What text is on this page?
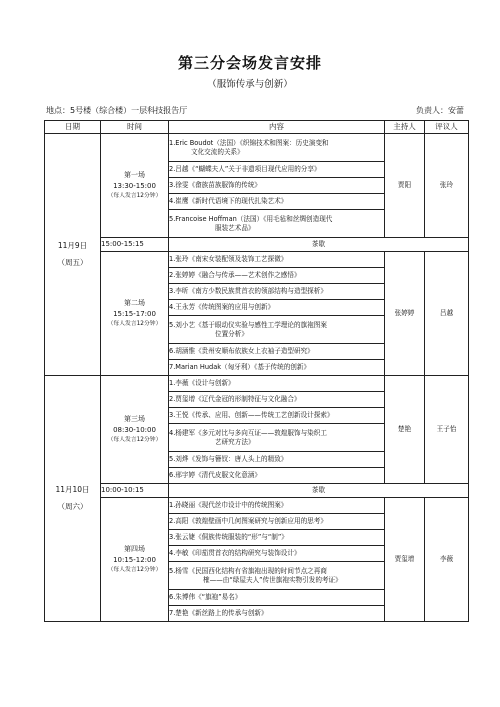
第三分会场发言安排
（服饰传承与创新）
地点：5号楼（综合楼）一层科技报告厅	负责人：安蕾
日期	时间	内容	主持人	评议人

11月9日
（周五）	第一场
13:30-15:00
（每人发言12分钟）	1.Eric Boudot（法国）《织锦技术和图案：历史演变和
文化交流的关系》	贾阳	张玲

		2.吕越《“蝴蝶夫人”关于非遗项目现代应用的分享》		

		3.徐雯《畲族苗族服饰的传统》		

		4.崔鹰《新时代语境下的现代扎染艺术》		

		5.Francoise Hoffman（法国）《用毛毡和丝绸创造现代
服装艺术品》		

	15:00-15:15	茶歇		

	第二场
15:15-17:00
（每人发言12分钟）	1.张玲《南宋女装配领及装饰工艺探微》	张婷婷	吕越

		2.张婷婷《融合与传承——艺术创作之感悟》		

		3.李昕《南方少数民族贯首衣的领部结构与造型探析》		

		4.王永芳《传统图案的应用与创新》		

		5.刘小艺《基于眼动仪实验与感性工学理论的旗袍图案
位置分析》		

		6.胡涵惟《贵州安顺布依族女上衣袖子造型研究》		

		7.Marian Hudak（匈牙利）《基于传统的创新》		

11月10日
（周六）	第三场
08:30-10:00
（每人发言12分钟）	1.李薇《设计与创新》	楚艳	王子怡

		2.贾玺增《辽代金冠的形制特征与文化融合》		

		3.王悦《传承、应用、创新——传统工艺创新设计探索》		

		4.杨建军《多元对比与多向互证——敦煌服饰与染织工
艺研究方法》		

		5.刘烨《发饰与簪钗：唐人头上的精致》		

		6.邢宇婷《清代皮服文化意涵》		

	10:00-10:15	茶歇		

	第四场
10:15-12:00
（每人发言12分钟）	1.孙晓丽《现代丝巾设计中的传统图案》	贾玺增	李薇

		2.高阳《敦煌壁画中几何图案研究与创新应用的思考》		

		3.张云婕《侗族传统服装的“形”与“制”》		

		4.李敏《印茄贯首衣的结构研究与装饰设计》		

		5.杨雪《民国西化结构有省旗袍出现的时间节点之再商
榷——由“绿屋夫人”传世旗袍实物引发的考证》		

		6.朱博伟《“旗袍”易名》		

		7.楚艳《新丝路上的传承与创新》		
